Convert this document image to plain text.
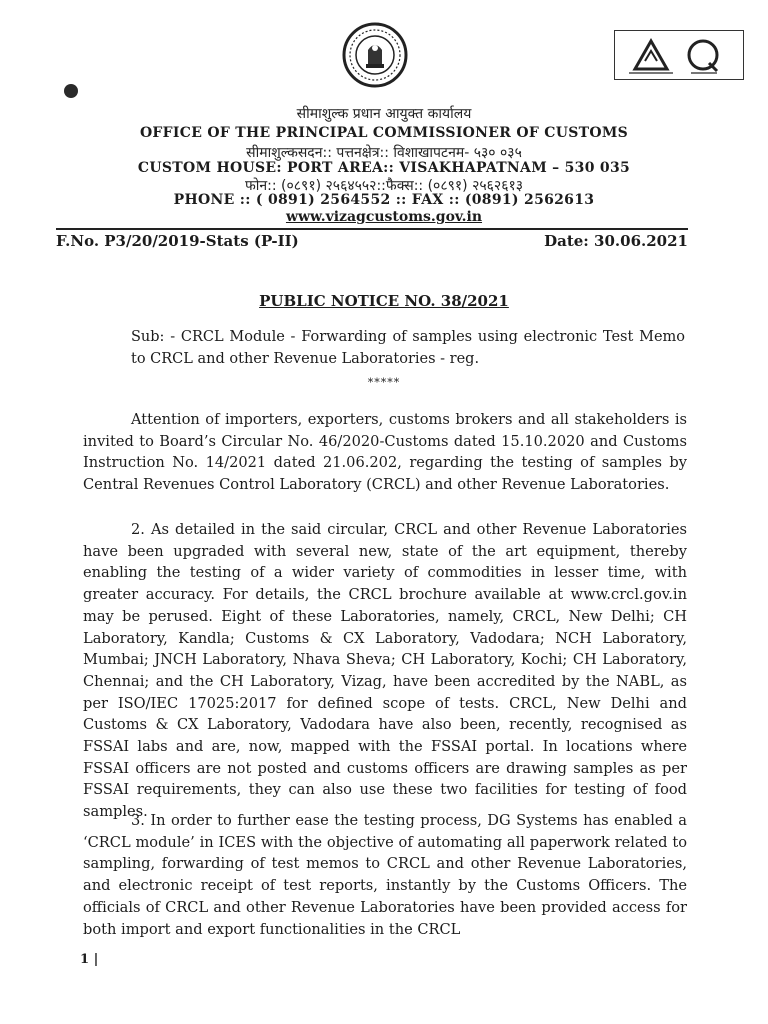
सीमाशुल्क प्रधान आयुक्त कार्यालय
OFFICE OF THE PRINCIPAL COMMISSIONER OF CUSTOMS
सीमाशुल्कसदन:: पत्तनक्षेत्र:: विशाखापटनम- ५३० ०३५
CUSTOM HOUSE: PORT AREA:: VISAKHAPATNAM – 530 035
फोन:: (०८९१) २५६४५५२::फैक्स:: (०८९१) २५६२६१३
PHONE :: ( 0891) 2564552 :: FAX :: (0891) 2562613
www.vizagcustoms.gov.in
F.No. P3/20/2019-Stats (P-II)	Date: 30.06.2021
PUBLIC NOTICE NO. 38/2021
Sub: - CRCL Module - Forwarding of samples using electronic Test Memo to CRCL and other Revenue Laboratories - reg.
*****
Attention of importers, exporters, customs brokers and all stakeholders is invited to Board’s Circular No. 46/2020-Customs dated 15.10.2020 and Customs Instruction No. 14/2021 dated 21.06.202, regarding the testing of samples by Central Revenues Control Laboratory (CRCL) and other Revenue Laboratories.
2. As detailed in the said circular, CRCL and other Revenue Laboratories have been upgraded with several new, state of the art equipment, thereby enabling the testing of a wider variety of commodities in lesser time, with greater accuracy. For details, the CRCL brochure available at www.crcl.gov.in may be perused. Eight of these Laboratories, namely, CRCL, New Delhi; CH Laboratory, Kandla; Customs & CX Laboratory, Vadodara; NCH Laboratory, Mumbai; JNCH Laboratory, Nhava Sheva; CH Laboratory, Kochi; CH Laboratory, Chennai; and the CH Laboratory, Vizag, have been accredited by the NABL, as per ISO/IEC 17025:2017 for defined scope of tests. CRCL, New Delhi and Customs & CX Laboratory, Vadodara have also been, recently, recognised as FSSAI labs and are, now, mapped with the FSSAI portal. In locations where FSSAI officers are not posted and customs officers are drawing samples as per FSSAI requirements, they can also use these two facilities for testing of food samples.
3. In order to further ease the testing process, DG Systems has enabled a ‘CRCL module’ in ICES with the objective of automating all paperwork related to sampling, forwarding of test memos to CRCL and other Revenue Laboratories, and electronic receipt of test reports, instantly by the Customs Officers. The officials of CRCL and other Revenue Laboratories have been provided access for both import and export functionalities in the CRCL
1 |
